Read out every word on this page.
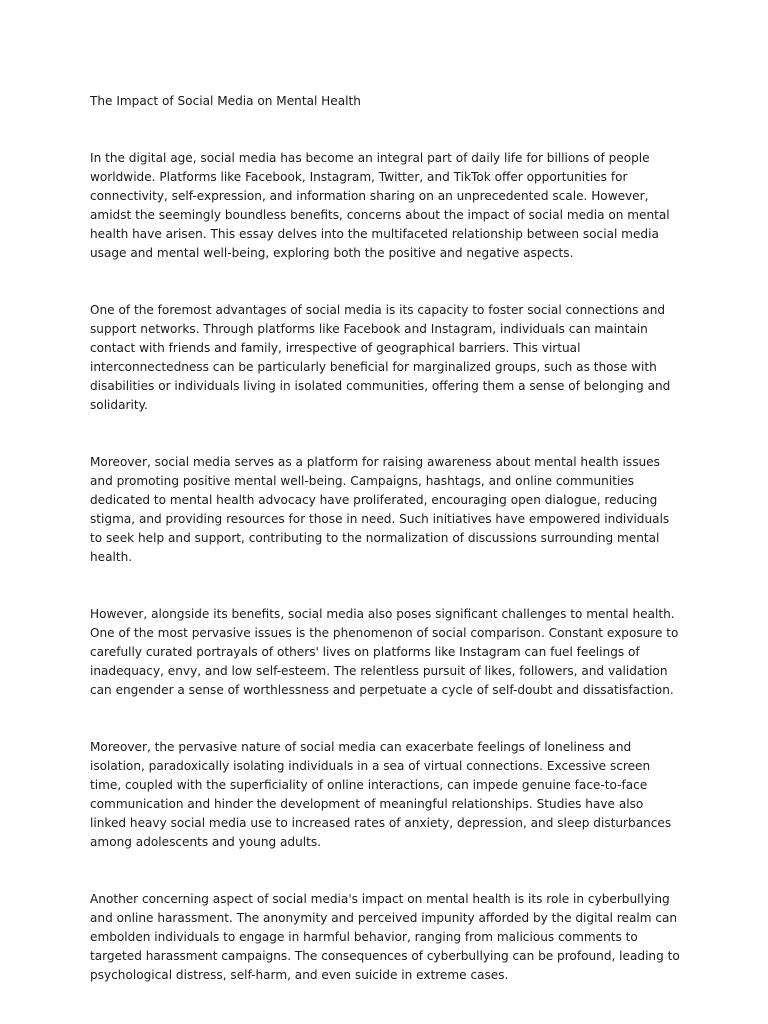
The Impact of Social Media on Mental Health

In the digital age, social media has become an integral part of daily life for billions of people worldwide. Platforms like Facebook, Instagram, Twitter, and TikTok offer opportunities for connectivity, self-expression, and information sharing on an unprecedented scale. However, amidst the seemingly boundless benefits, concerns about the impact of social media on mental health have arisen. This essay delves into the multifaceted relationship between social media usage and mental well-being, exploring both the positive and negative aspects.

One of the foremost advantages of social media is its capacity to foster social connections and support networks. Through platforms like Facebook and Instagram, individuals can maintain contact with friends and family, irrespective of geographical barriers. This virtual interconnectedness can be particularly beneficial for marginalized groups, such as those with disabilities or individuals living in isolated communities, offering them a sense of belonging and solidarity.

Moreover, social media serves as a platform for raising awareness about mental health issues and promoting positive mental well-being. Campaigns, hashtags, and online communities dedicated to mental health advocacy have proliferated, encouraging open dialogue, reducing stigma, and providing resources for those in need. Such initiatives have empowered individuals to seek help and support, contributing to the normalization of discussions surrounding mental health.

However, alongside its benefits, social media also poses significant challenges to mental health. One of the most pervasive issues is the phenomenon of social comparison. Constant exposure to carefully curated portrayals of others' lives on platforms like Instagram can fuel feelings of inadequacy, envy, and low self-esteem. The relentless pursuit of likes, followers, and validation can engender a sense of worthlessness and perpetuate a cycle of self-doubt and dissatisfaction.

Moreover, the pervasive nature of social media can exacerbate feelings of loneliness and isolation, paradoxically isolating individuals in a sea of virtual connections. Excessive screen time, coupled with the superficiality of online interactions, can impede genuine face-to-face communication and hinder the development of meaningful relationships. Studies have also linked heavy social media use to increased rates of anxiety, depression, and sleep disturbances among adolescents and young adults.

Another concerning aspect of social media's impact on mental health is its role in cyberbullying and online harassment. The anonymity and perceived impunity afforded by the digital realm can embolden individuals to engage in harmful behavior, ranging from malicious comments to targeted harassment campaigns. The consequences of cyberbullying can be profound, leading to psychological distress, self-harm, and even suicide in extreme cases.
